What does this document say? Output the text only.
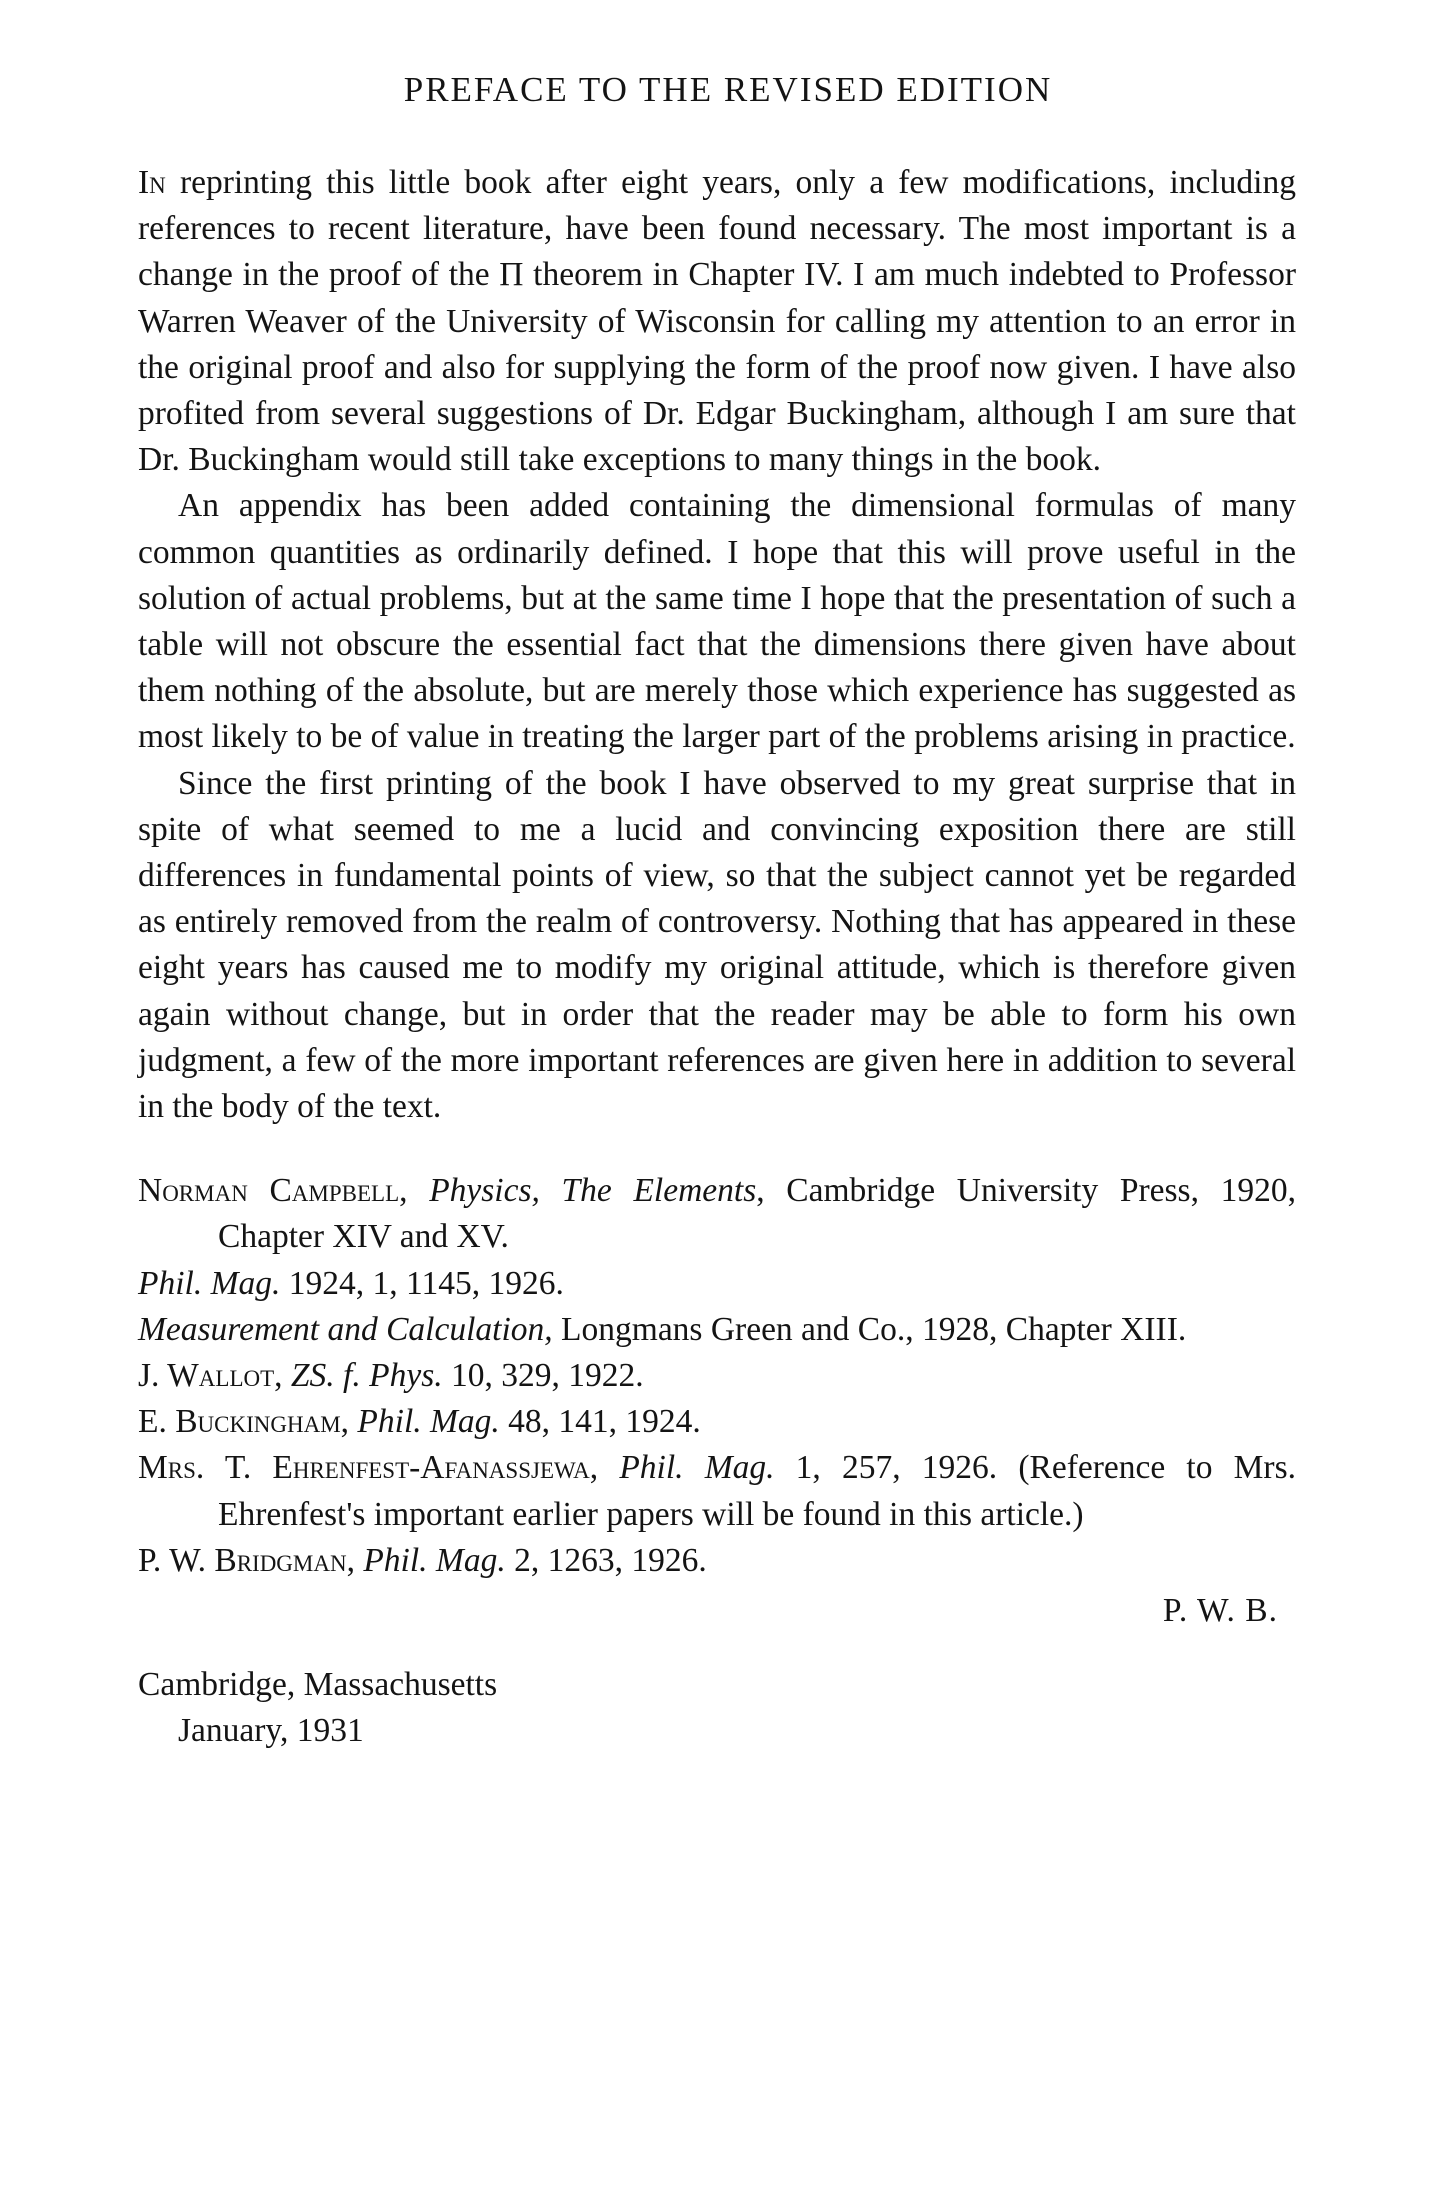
PREFACE TO THE REVISED EDITION

In reprinting this little book after eight years, only a few modifications, including references to recent literature, have been found necessary. The most important is a change in the proof of the Π theorem in Chapter IV. I am much indebted to Professor Warren Weaver of the University of Wisconsin for calling my attention to an error in the original proof and also for supplying the form of the proof now given. I have also profited from several suggestions of Dr. Edgar Buckingham, although I am sure that Dr. Buckingham would still take exceptions to many things in the book.

An appendix has been added containing the dimensional formulas of many common quantities as ordinarily defined. I hope that this will prove useful in the solution of actual problems, but at the same time I hope that the presentation of such a table will not obscure the essential fact that the dimensions there given have about them nothing of the absolute, but are merely those which experience has suggested as most likely to be of value in treating the larger part of the problems arising in practice.

Since the first printing of the book I have observed to my great surprise that in spite of what seemed to me a lucid and convincing exposition there are still differences in fundamental points of view, so that the subject cannot yet be regarded as entirely removed from the realm of controversy. Nothing that has appeared in these eight years has caused me to modify my original attitude, which is therefore given again without change, but in order that the reader may be able to form his own judgment, a few of the more important references are given here in addition to several in the body of the text.

Norman Campbell, Physics, The Elements, Cambridge University Press, 1920, Chapter XIV and XV.

Phil. Mag. 1924, 1, 1145, 1926.

Measurement and Calculation, Longmans Green and Co., 1928, Chapter XIII.

J. Wallot, ZS. f. Phys. 10, 329, 1922.

E. Buckingham, Phil. Mag. 48, 141, 1924.

Mrs. T. Ehrenfest-Afanassjewa, Phil. Mag. 1, 257, 1926. (Reference to Mrs. Ehrenfest's important earlier papers will be found in this article.)

P. W. Bridgman, Phil. Mag. 2, 1263, 1926.

P. W. B.
Cambridge, Massachusetts
January, 1931
